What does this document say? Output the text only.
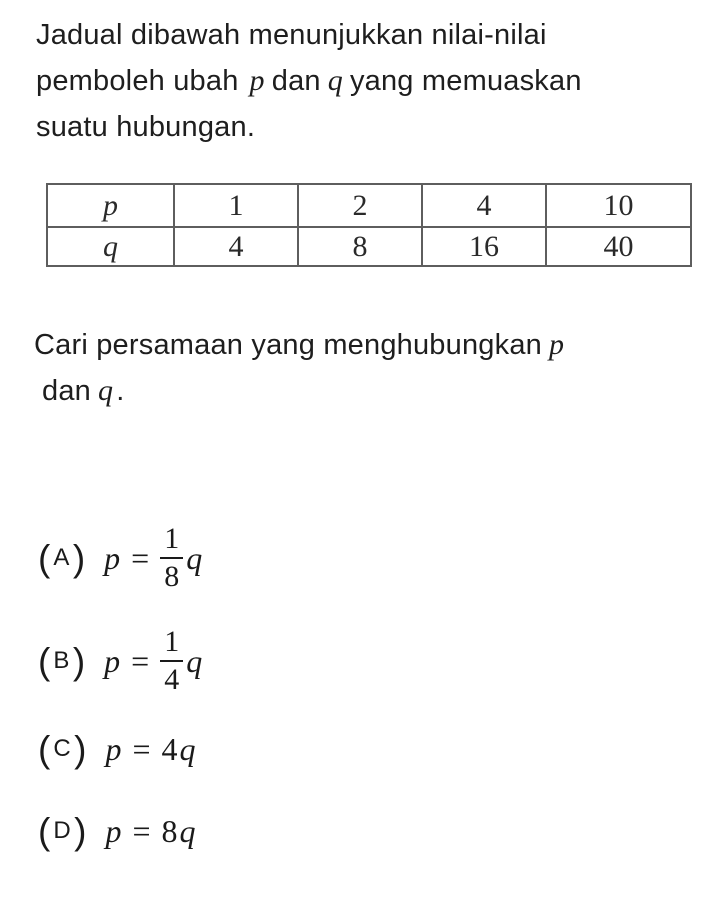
Jadual dibawah menunjukkan nilai-nilai
pemboleh ubah p dan q yang memuaskan
suatu hubungan.
p	1	2	4	10
q	4	8	16	40
Cari persamaan yang menghubungkan p
dan q .
( A ) $p = \frac{1}{8}$ q
( B ) $p = \frac{1}{4}$ q
( C ) p = 4 q
( D ) p = 8 q
